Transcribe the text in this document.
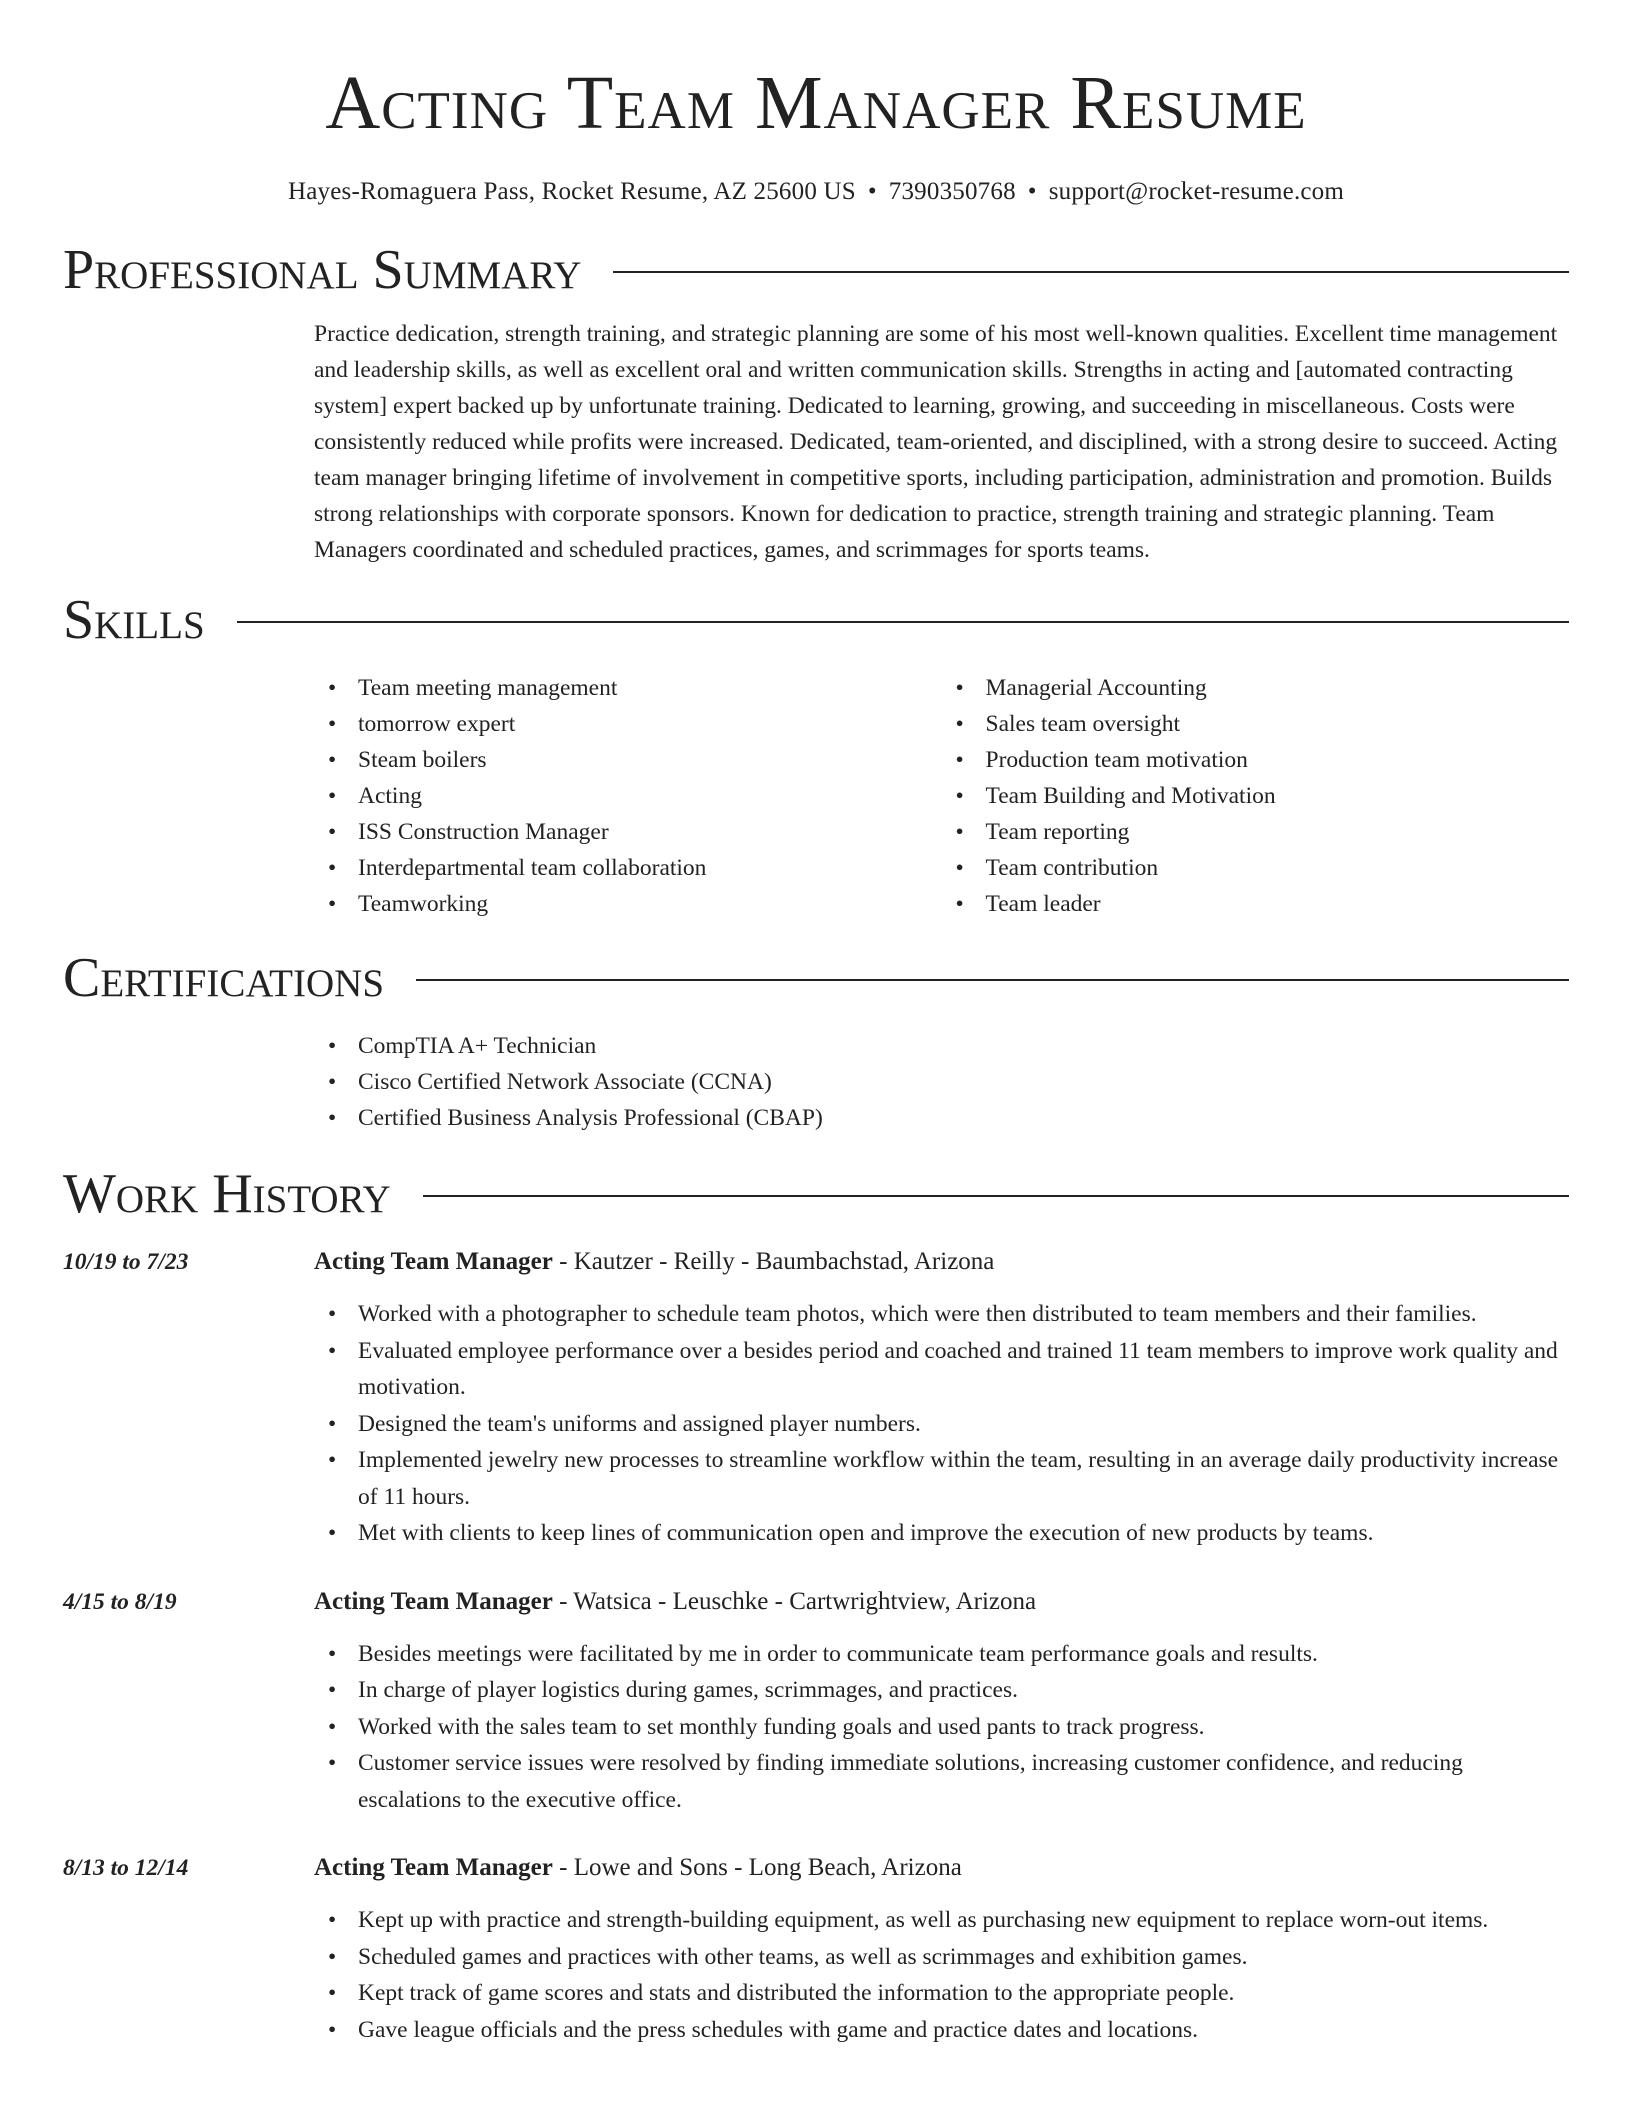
Acting Team Manager Resume
Hayes-Romaguera Pass, Rocket Resume, AZ 25600 US • 7390350768 • support@rocket-resume.com
Professional Summary

Practice dedication, strength training, and strategic planning are some of his most well-known qualities. Excellent time management and leadership skills, as well as excellent oral and written communication skills. Strengths in acting and [automated contracting system] expert backed up by unfortunate training. Dedicated to learning, growing, and succeeding in miscellaneous. Costs were consistently reduced while profits were increased. Dedicated, team-oriented, and disciplined, with a strong desire to succeed. Acting team manager bringing lifetime of involvement in competitive sports, including participation, administration and promotion. Builds strong relationships with corporate sponsors. Known for dedication to practice, strength training and strategic planning. Team Managers coordinated and scheduled practices, games, and scrimmages for sports teams.

Skills
• Team meeting management
• tomorrow expert
• Steam boilers
• Acting
• ISS Construction Manager
• Interdepartmental team collaboration
• Teamworking
• Managerial Accounting
• Sales team oversight
• Production team motivation
• Team Building and Motivation
• Team reporting
• Team contribution
• Team leader
Certifications
• CompTIA A+ Technician
• Cisco Certified Network Associate (CCNA)
• Certified Business Analysis Professional (CBAP)
Work History
10/19 to 7/23	Acting Team Manager - Kautzer - Reilly - Baumbachstad, Arizona
• Worked with a photographer to schedule team photos, which were then distributed to team members and their families.
• Evaluated employee performance over a besides period and coached and trained 11 team members to improve work quality and motivation.
• Designed the team's uniforms and assigned player numbers.
• Implemented jewelry new processes to streamline workflow within the team, resulting in an average daily productivity increase of 11 hours.
• Met with clients to keep lines of communication open and improve the execution of new products by teams.
4/15 to 8/19	Acting Team Manager - Watsica - Leuschke - Cartwrightview, Arizona
• Besides meetings were facilitated by me in order to communicate team performance goals and results.
• In charge of player logistics during games, scrimmages, and practices.
• Worked with the sales team to set monthly funding goals and used pants to track progress.
• Customer service issues were resolved by finding immediate solutions, increasing customer confidence, and reducing escalations to the executive office.
8/13 to 12/14	Acting Team Manager - Lowe and Sons - Long Beach, Arizona
• Kept up with practice and strength-building equipment, as well as purchasing new equipment to replace worn-out items.
• Scheduled games and practices with other teams, as well as scrimmages and exhibition games.
• Kept track of game scores and stats and distributed the information to the appropriate people.
• Gave league officials and the press schedules with game and practice dates and locations.
